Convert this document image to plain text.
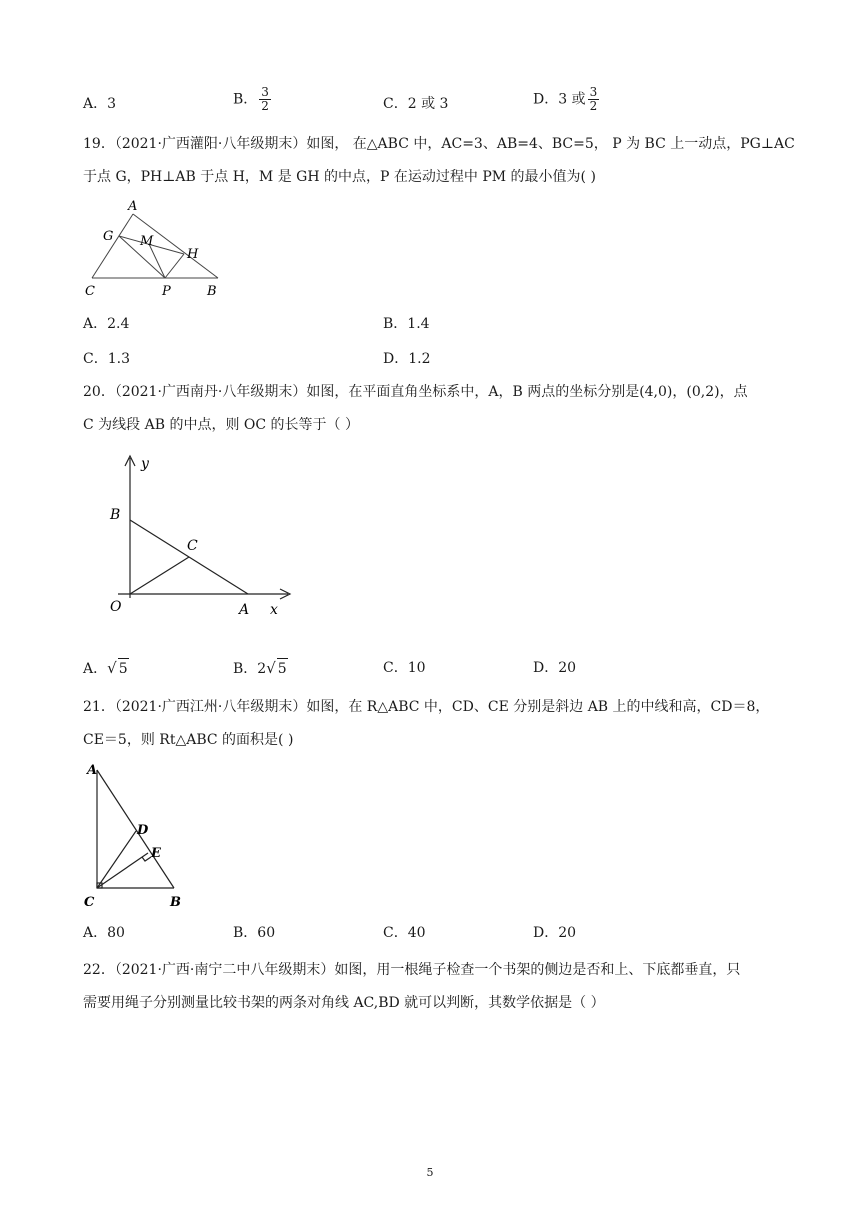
A．3	B． $\frac{3}{2}$	C．2 或 3	D．3 或 $\frac{3}{2}$
19．（2021·广西灌阳·八年级期末）如图， 在△ABC 中，AC=3、AB=4、BC=5， P 为 BC 上一动点，PG⊥AC
于点 G，PH⊥AB 于点 H，M 是 GH 的中点，P 在运动过程中 PM 的最小值为( )
A
G M
H
C	P	B
A．2.4	B．1.4
C．1.3	D．1.2
20．（2021·广西南丹·八年级期末）如图，在平面直角坐标系中，A，B 两点的坐标分别是(4,0)，(0,2)，点
C 为线段 AB 的中点，则 OC 的长等于（ ）
y
x
B
C
O	A
A．√ 5	B．2√ 5	C．10	D．20
21．（2021·广西江州·八年级期末）如图，在 R△ABC 中，CD、CE 分别是斜边 AB 上的中线和高，CD＝8，
CE＝5，则 Rt△ABC 的面积是( )
A
D
E
C	B
A．80	B．60	C．40	D．20
22．（2021·广西·南宁二中八年级期末）如图，用一根绳子检查一个书架的侧边是否和上、下底都垂直，只
需要用绳子分别测量比较书架的两条对角线 AC,BD 就可以判断，其数学依据是（ ）
5
